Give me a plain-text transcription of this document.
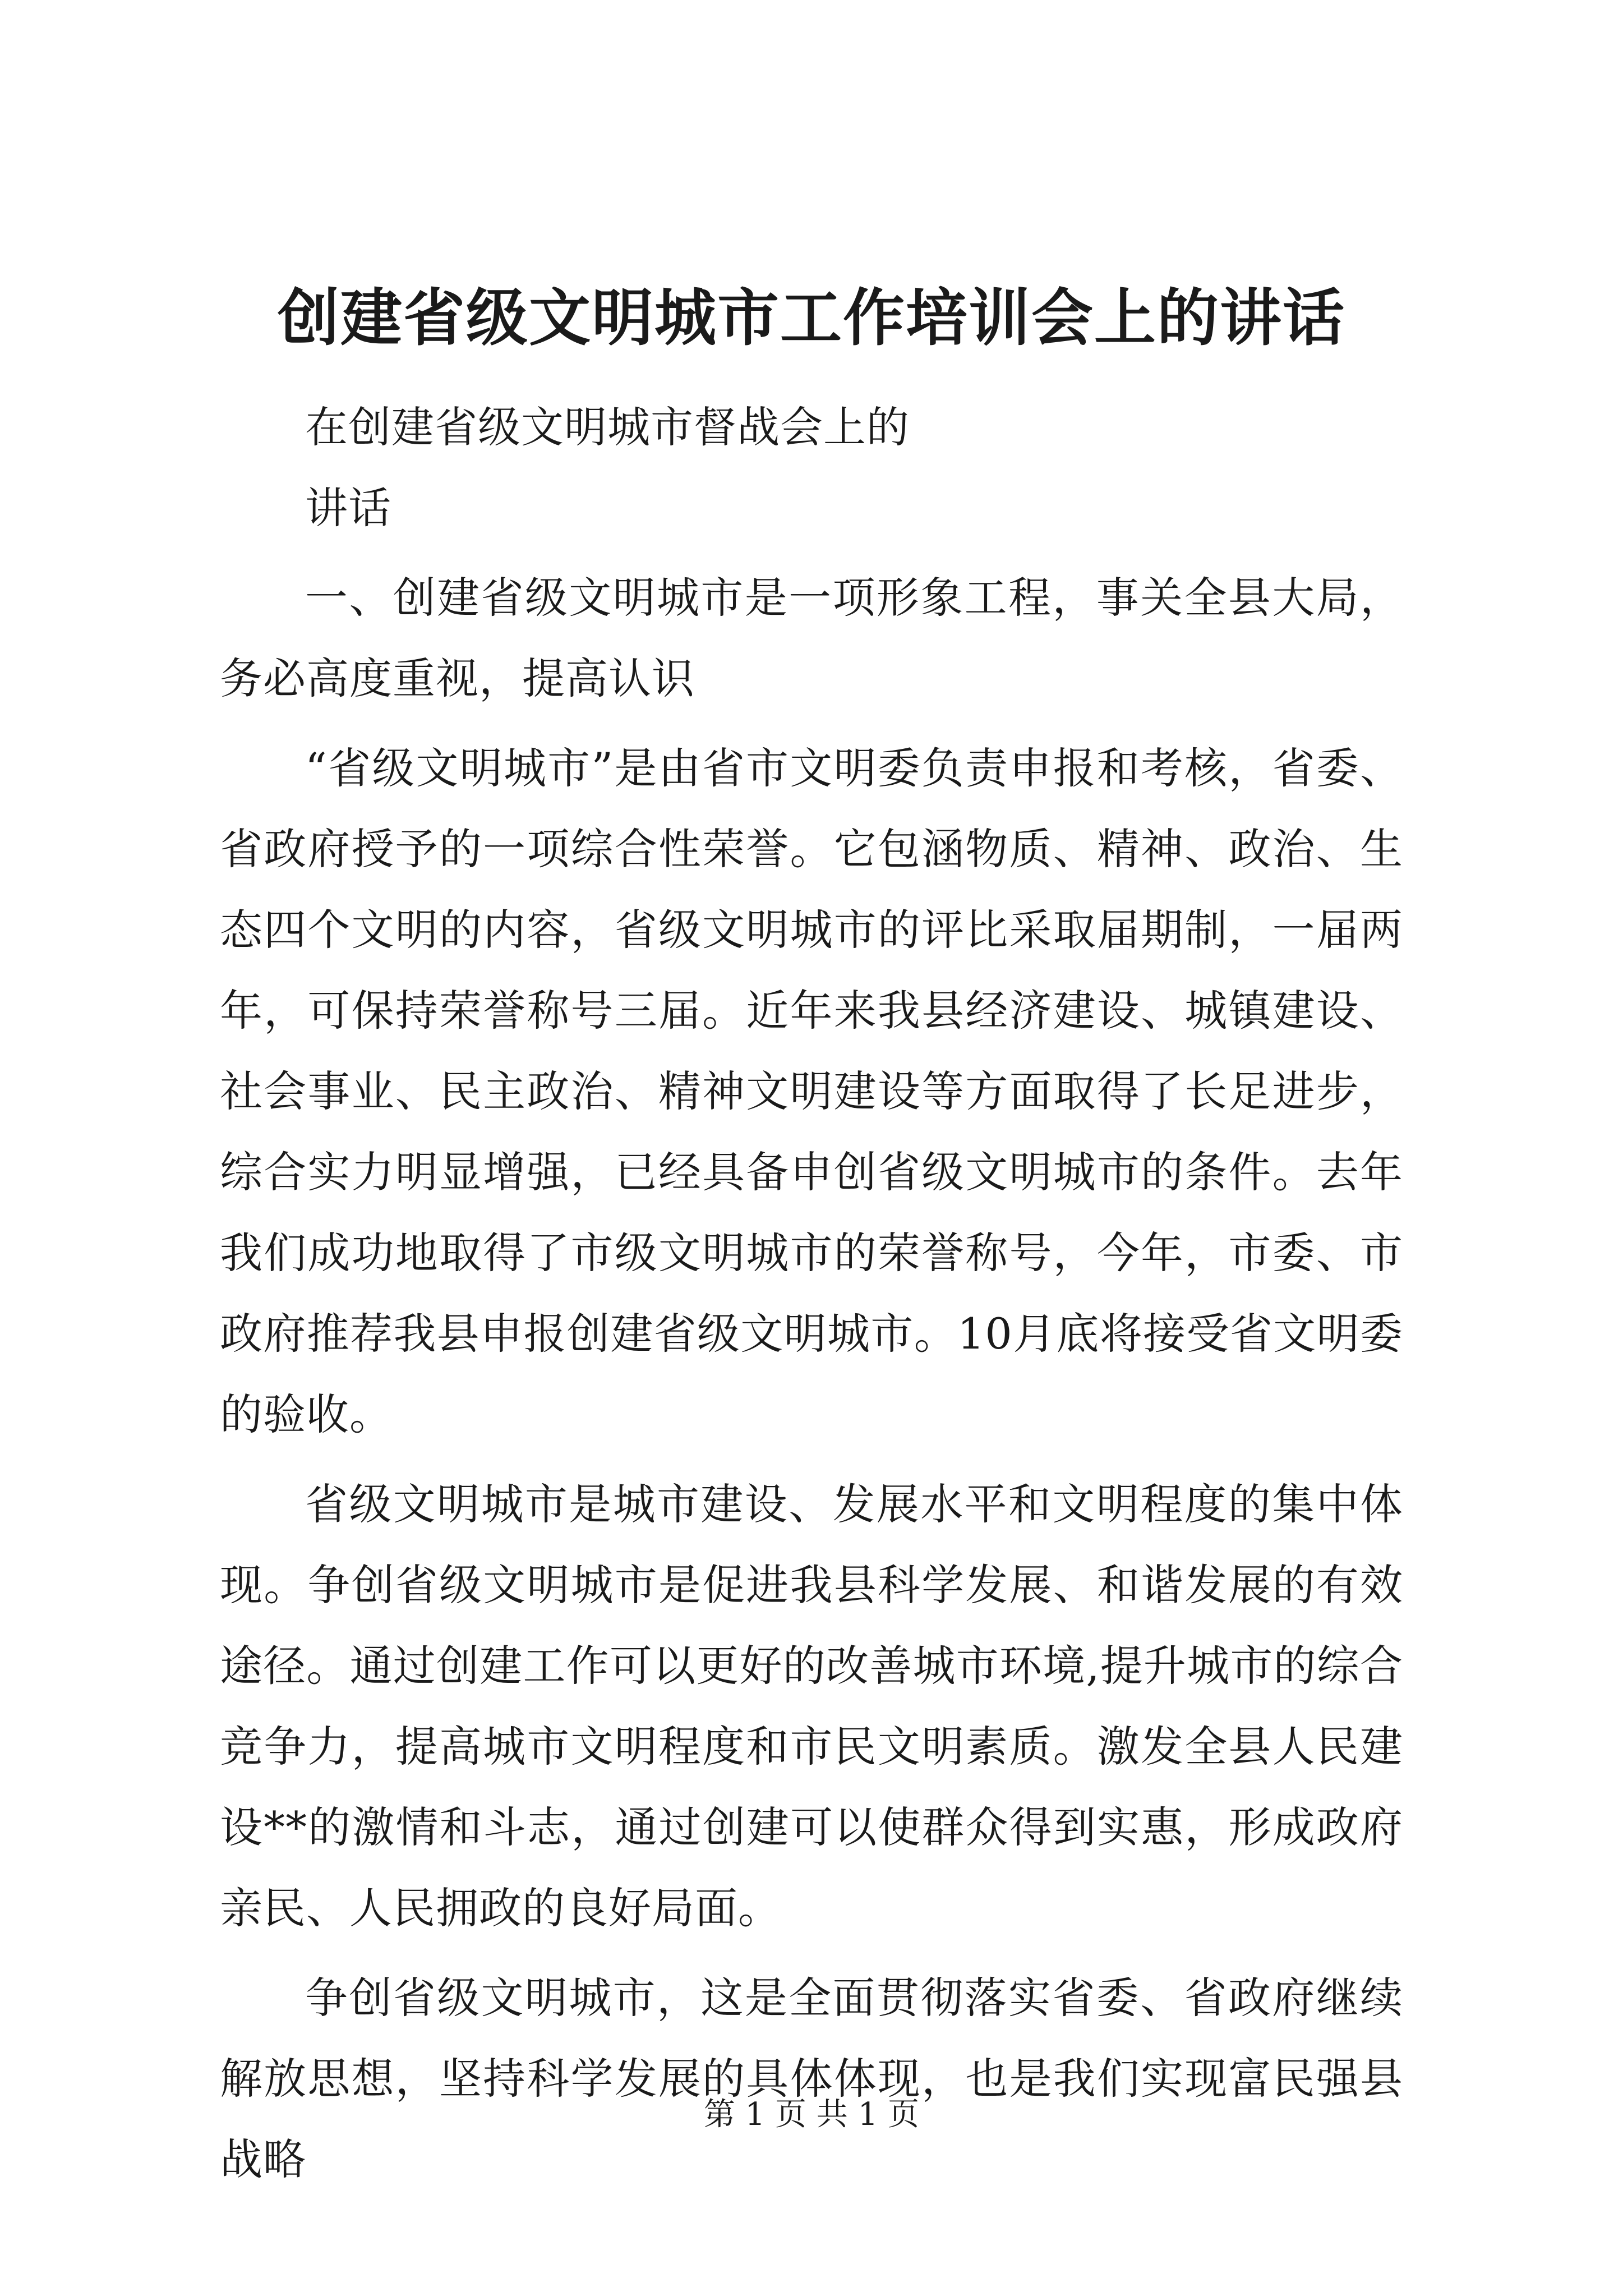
创建省级文明城市工作培训会上的讲话

在创建省级文明城市督战会上的

讲话

一、创建省级文明城市是一项形象工程，事关全县大局，务必高度重视，提高认识

“省级文明城市”是由省市文明委负责申报和考核，省委、省政府授予的一项综合性荣誉。它包涵物质、精神、政治、生态四个文明的内容，省级文明城市的评比采取届期制，一届两年，可保持荣誉称号三届。近年来我县经济建设、城镇建设、社会事业、民主政治、精神文明建设等方面取得了长足进步，综合实力明显增强，已经具备申创省级文明城市的条件。去年我们成功地取得了市级文明城市的荣誉称号，今年，市委、市政府推荐我县申报创建省级文明城市。10月底将接受省文明委的验收。

省级文明城市是城市建设、发展水平和文明程度的集中体现。争创省级文明城市是促进我县科学发展、和谐发展的有效途径。通过创建工作可以更好的改善城市环境,提升城市的综合竞争力，提高城市文明程度和市民文明素质。激发全县人民建设**的激情和斗志，通过创建可以使群众得到实惠，形成政府亲民、人民拥政的良好局面。

争创省级文明城市，这是全面贯彻落实省委、省政府继续解放思想，坚持科学发展的具体体现，也是我们实现富民强县战略

第 1 页 共 1 页
